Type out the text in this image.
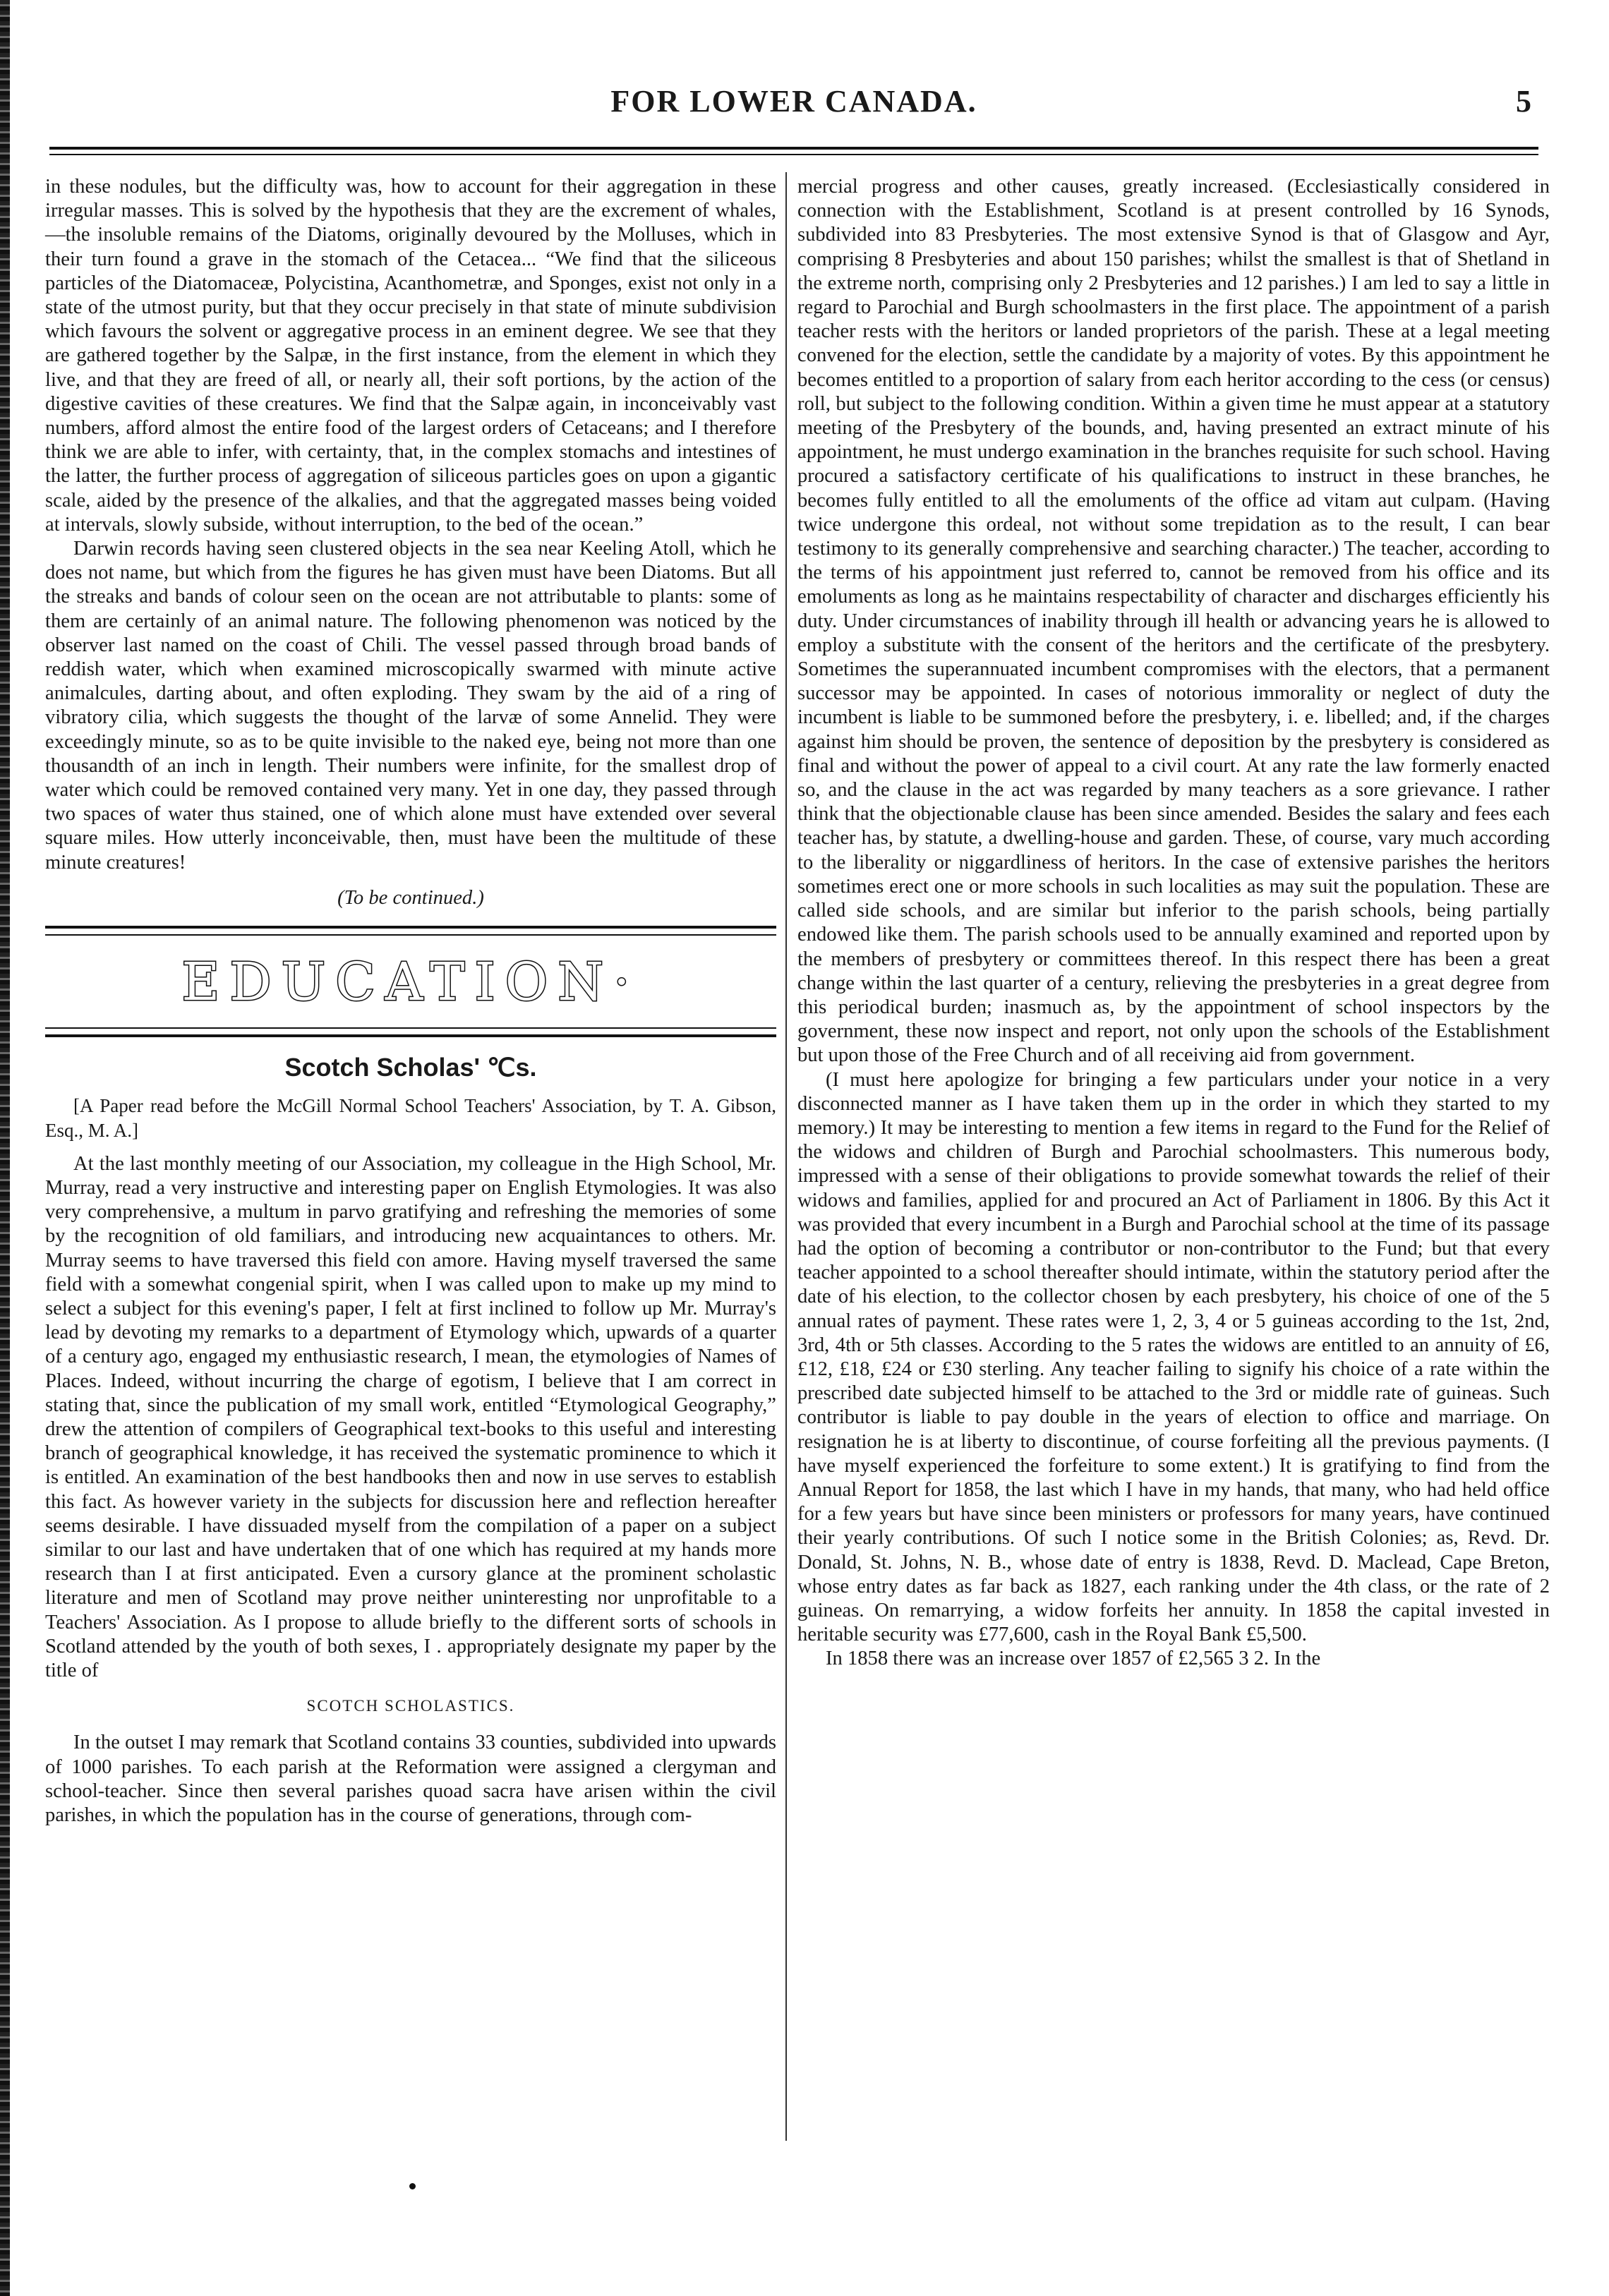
FOR LOWER CANADA.	5

in these nodules, but the difficulty was, how to account for their aggregation in these irregular masses. This is solved by the hypothesis that they are the excrement of whales,—the insoluble remains of the Diatoms, originally devoured by the Molluses, which in their turn found a grave in the stomach of the Cetacea... “We find that the siliceous particles of the Diatomaceæ, Polycistina, Acanthometræ, and Sponges, exist not only in a state of the utmost purity, but that they occur precisely in that state of minute subdivision which favours the solvent or aggregative process in an eminent degree. We see that they are gathered together by the Salpæ, in the first instance, from the element in which they live, and that they are freed of all, or nearly all, their soft portions, by the action of the digestive cavities of these creatures. We find that the Salpæ again, in inconceivably vast numbers, afford almost the entire food of the largest orders of Cetaceans; and I therefore think we are able to infer, with certainty, that, in the complex stomachs and intestines of the latter, the further process of aggregation of siliceous particles goes on upon a gigantic scale, aided by the presence of the alkalies, and that the aggregated masses being voided at intervals, slowly subside, without interruption, to the bed of the ocean.”

Darwin records having seen clustered objects in the sea near Keeling Atoll, which he does not name, but which from the figures he has given must have been Diatoms. But all the streaks and bands of colour seen on the ocean are not attributable to plants: some of them are certainly of an animal nature. The following phenomenon was noticed by the observer last named on the coast of Chili. The vessel passed through broad bands of reddish water, which when examined microscopically swarmed with minute active animalcules, darting about, and often exploding. They swam by the aid of a ring of vibratory cilia, which suggests the thought of the larvæ of some Annelid. They were exceedingly minute, so as to be quite invisible to the naked eye, being not more than one thousandth of an inch in length. Their numbers were infinite, for the smallest drop of water which could be removed contained very many. Yet in one day, they passed through two spaces of water thus stained, one of which alone must have extended over several square miles. How utterly inconceivable, then, must have been the multitude of these minute creatures!

(To be continued.)

EDUCATION·

Scotch Scholas' ℃s.

[A Paper read before the McGill Normal School Teachers' Association, by T. A. Gibson, Esq., M. A.]

At the last monthly meeting of our Association, my colleague in the High School, Mr. Murray, read a very instructive and interesting paper on English Etymologies. It was also very comprehensive, a multum in parvo gratifying and refreshing the memories of some by the recognition of old familiars, and introducing new acquaintances to others. Mr. Murray seems to have traversed this field con amore. Having myself traversed the same field with a somewhat congenial spirit, when I was called upon to make up my mind to select a subject for this evening's paper, I felt at first inclined to follow up Mr. Murray's lead by devoting my remarks to a department of Etymology which, upwards of a quarter of a century ago, engaged my enthusiastic research, I mean, the etymologies of Names of Places. Indeed, without incurring the charge of egotism, I believe that I am correct in stating that, since the publication of my small work, entitled “Etymological Geography,” drew the attention of compilers of Geographical text-books to this useful and interesting branch of geographical knowledge, it has received the systematic prominence to which it is entitled. An examination of the best handbooks then and now in use serves to establish this fact. As however variety in the subjects for discussion here and reflection hereafter seems desirable. I have dissuaded myself from the compilation of a paper on a subject similar to our last and have undertaken that of one which has required at my hands more research than I at first anticipated. Even a cursory glance at the prominent scholastic literature and men of Scotland may prove neither uninteresting nor unprofitable to a Teachers' Association. As I propose to allude briefly to the different sorts of schools in Scotland attended by the youth of both sexes, I . appropriately designate my paper by the title of

SCOTCH SCHOLASTICS.

In the outset I may remark that Scotland contains 33 counties, subdivided into upwards of 1000 parishes. To each parish at the Reformation were assigned a clergyman and school-teacher. Since then several parishes quoad sacra have arisen within the civil parishes, in which the population has in the course of generations, through com-

mercial progress and other causes, greatly increased. (Ecclesiastically considered in connection with the Establishment, Scotland is at present controlled by 16 Synods, subdivided into 83 Presbyteries. The most extensive Synod is that of Glasgow and Ayr, comprising 8 Presbyteries and about 150 parishes; whilst the smallest is that of Shetland in the extreme north, comprising only 2 Presbyteries and 12 parishes.) I am led to say a little in regard to Parochial and Burgh schoolmasters in the first place. The appointment of a parish teacher rests with the heritors or landed proprietors of the parish. These at a legal meeting convened for the election, settle the candidate by a majority of votes. By this appointment he becomes entitled to a proportion of salary from each heritor according to the cess (or census) roll, but subject to the following condition. Within a given time he must appear at a statutory meeting of the Presbytery of the bounds, and, having presented an extract minute of his appointment, he must undergo examination in the branches requisite for such school. Having procured a satisfactory certificate of his qualifications to instruct in these branches, he becomes fully entitled to all the emoluments of the office ad vitam aut culpam. (Having twice undergone this ordeal, not without some trepidation as to the result, I can bear testimony to its generally comprehensive and searching character.) The teacher, according to the terms of his appointment just referred to, cannot be removed from his office and its emoluments as long as he maintains respectability of character and discharges efficiently his duty. Under circumstances of inability through ill health or advancing years he is allowed to employ a substitute with the consent of the heritors and the certificate of the presbytery. Sometimes the superannuated incumbent compromises with the electors, that a permanent successor may be appointed. In cases of notorious immorality or neglect of duty the incumbent is liable to be summoned before the presbytery, i. e. libelled; and, if the charges against him should be proven, the sentence of deposition by the presbytery is considered as final and without the power of appeal to a civil court. At any rate the law formerly enacted so, and the clause in the act was regarded by many teachers as a sore grievance. I rather think that the objectionable clause has been since amended. Besides the salary and fees each teacher has, by statute, a dwelling-house and garden. These, of course, vary much according to the liberality or niggardliness of heritors. In the case of extensive parishes the heritors sometimes erect one or more schools in such localities as may suit the population. These are called side schools, and are similar but inferior to the parish schools, being partially endowed like them. The parish schools used to be annually examined and reported upon by the members of presbytery or committees thereof. In this respect there has been a great change within the last quarter of a century, relieving the presbyteries in a great degree from this periodical burden; inasmuch as, by the appointment of school inspectors by the government, these now inspect and report, not only upon the schools of the Establishment but upon those of the Free Church and of all receiving aid from government.

(I must here apologize for bringing a few particulars under your notice in a very disconnected manner as I have taken them up in the order in which they started to my memory.) It may be interesting to mention a few items in regard to the Fund for the Relief of the widows and children of Burgh and Parochial schoolmasters. This numerous body, impressed with a sense of their obligations to provide somewhat towards the relief of their widows and families, applied for and procured an Act of Parliament in 1806. By this Act it was provided that every incumbent in a Burgh and Parochial school at the time of its passage had the option of becoming a contributor or non-contributor to the Fund; but that every teacher appointed to a school thereafter should intimate, within the statutory period after the date of his election, to the collector chosen by each presbytery, his choice of one of the 5 annual rates of payment. These rates were 1, 2, 3, 4 or 5 guineas according to the 1st, 2nd, 3rd, 4th or 5th classes. According to the 5 rates the widows are entitled to an annuity of £6, £12, £18, £24 or £30 sterling. Any teacher failing to signify his choice of a rate within the prescribed date subjected himself to be attached to the 3rd or middle rate of guineas. Such contributor is liable to pay double in the years of election to office and marriage. On resignation he is at liberty to discontinue, of course forfeiting all the previous payments. (I have myself experienced the forfeiture to some extent.) It is gratifying to find from the Annual Report for 1858, the last which I have in my hands, that many, who had held office for a few years but have since been ministers or professors for many years, have continued their yearly contributions. Of such I notice some in the British Colonies; as, Revd. Dr. Donald, St. Johns, N. B., whose date of entry is 1838, Revd. D. Maclead, Cape Breton, whose entry dates as far back as 1827, each ranking under the 4th class, or the rate of 2 guineas. On remarrying, a widow forfeits her annuity. In 1858 the capital invested in heritable security was £77,600, cash in the Royal Bank £5,500.

In 1858 there was an increase over 1857 of £2,565 3 2. In the
